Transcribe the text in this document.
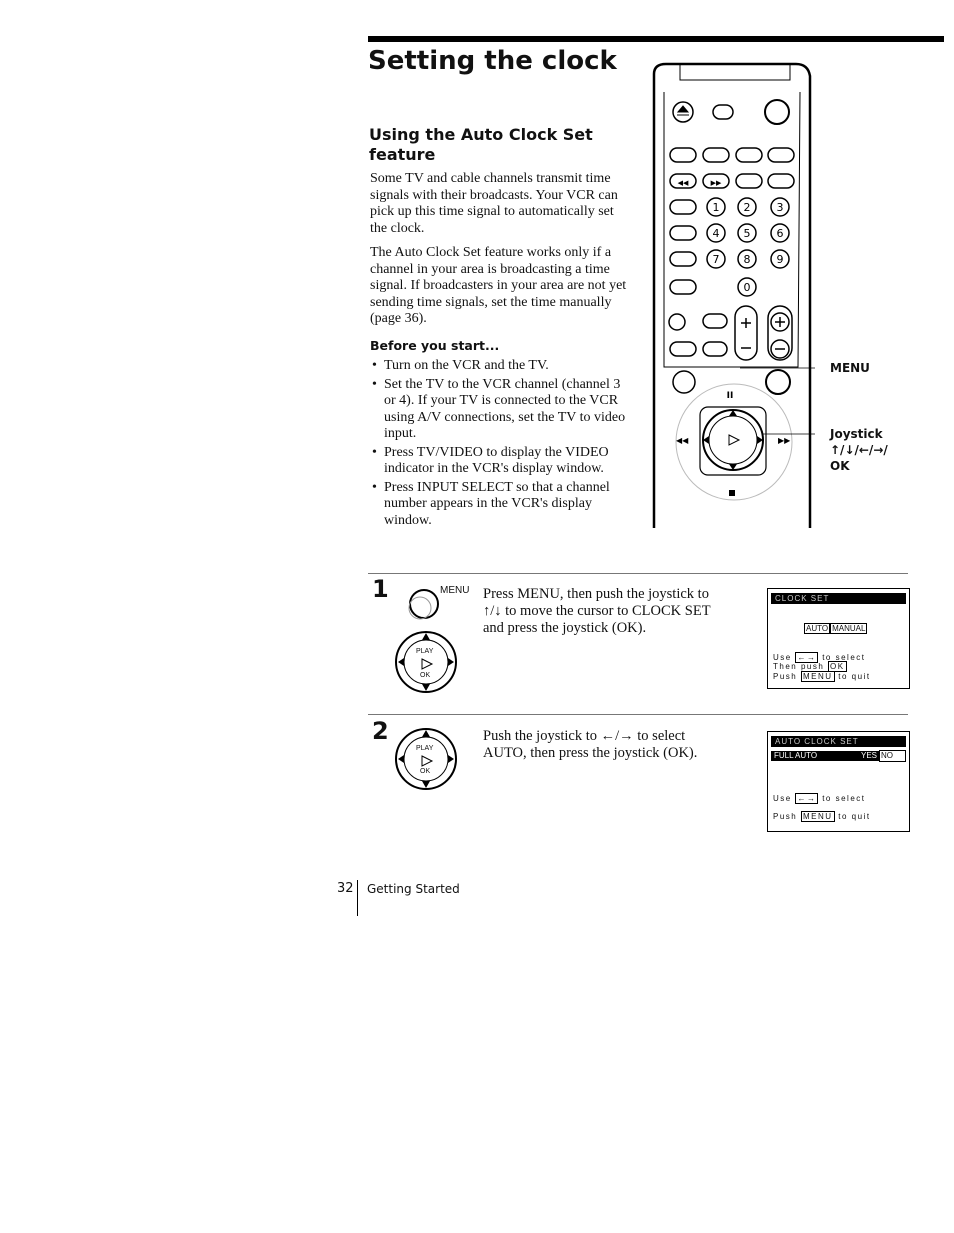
Setting the clock
Using the Auto Clock Set feature

Some TV and cable channels transmit time signals with their broadcasts. Your VCR can pick up this time signal to automatically set the clock.

The Auto Clock Set feature works only if a channel in your area is broadcasting a time signal. If broadcasters in your area are not yet sending time signals, set the time manually (page 36).

Before you start...
• Turn on the VCR and the TV.
• Set the TV to the VCR channel (channel 3 or 4). If your TV is connected to the VCR using A/V connections, set the TV to video input.
• Press TV/VIDEO to display the VIDEO indicator in the VCR's display window.
• Press INPUT SELECT so that a channel number appears in the VCR's display window.
◀◀	▶▶
1 2 3
4 5 6
7 8 9
0
II
◀◀	▶▶
MENU
Joystick
↑/↓/←/→/
OK
1	MENU
PLAY
OK
Press MENU, then push the joystick to
↑/↓ to move the cursor to CLOCK SET
and press the joystick (OK).
CLOCK SET
AUTO MANUAL
Use ←→ to select
Then push OK
Push MENU to quit
2
PLAY
OK
Push the joystick to ←/→ to select
AUTO, then press the joystick (OK).
AUTO CLOCK SET
FULL AUTO	YES NO
Use ←→ to select
Push MENU to quit
32 Getting Started
